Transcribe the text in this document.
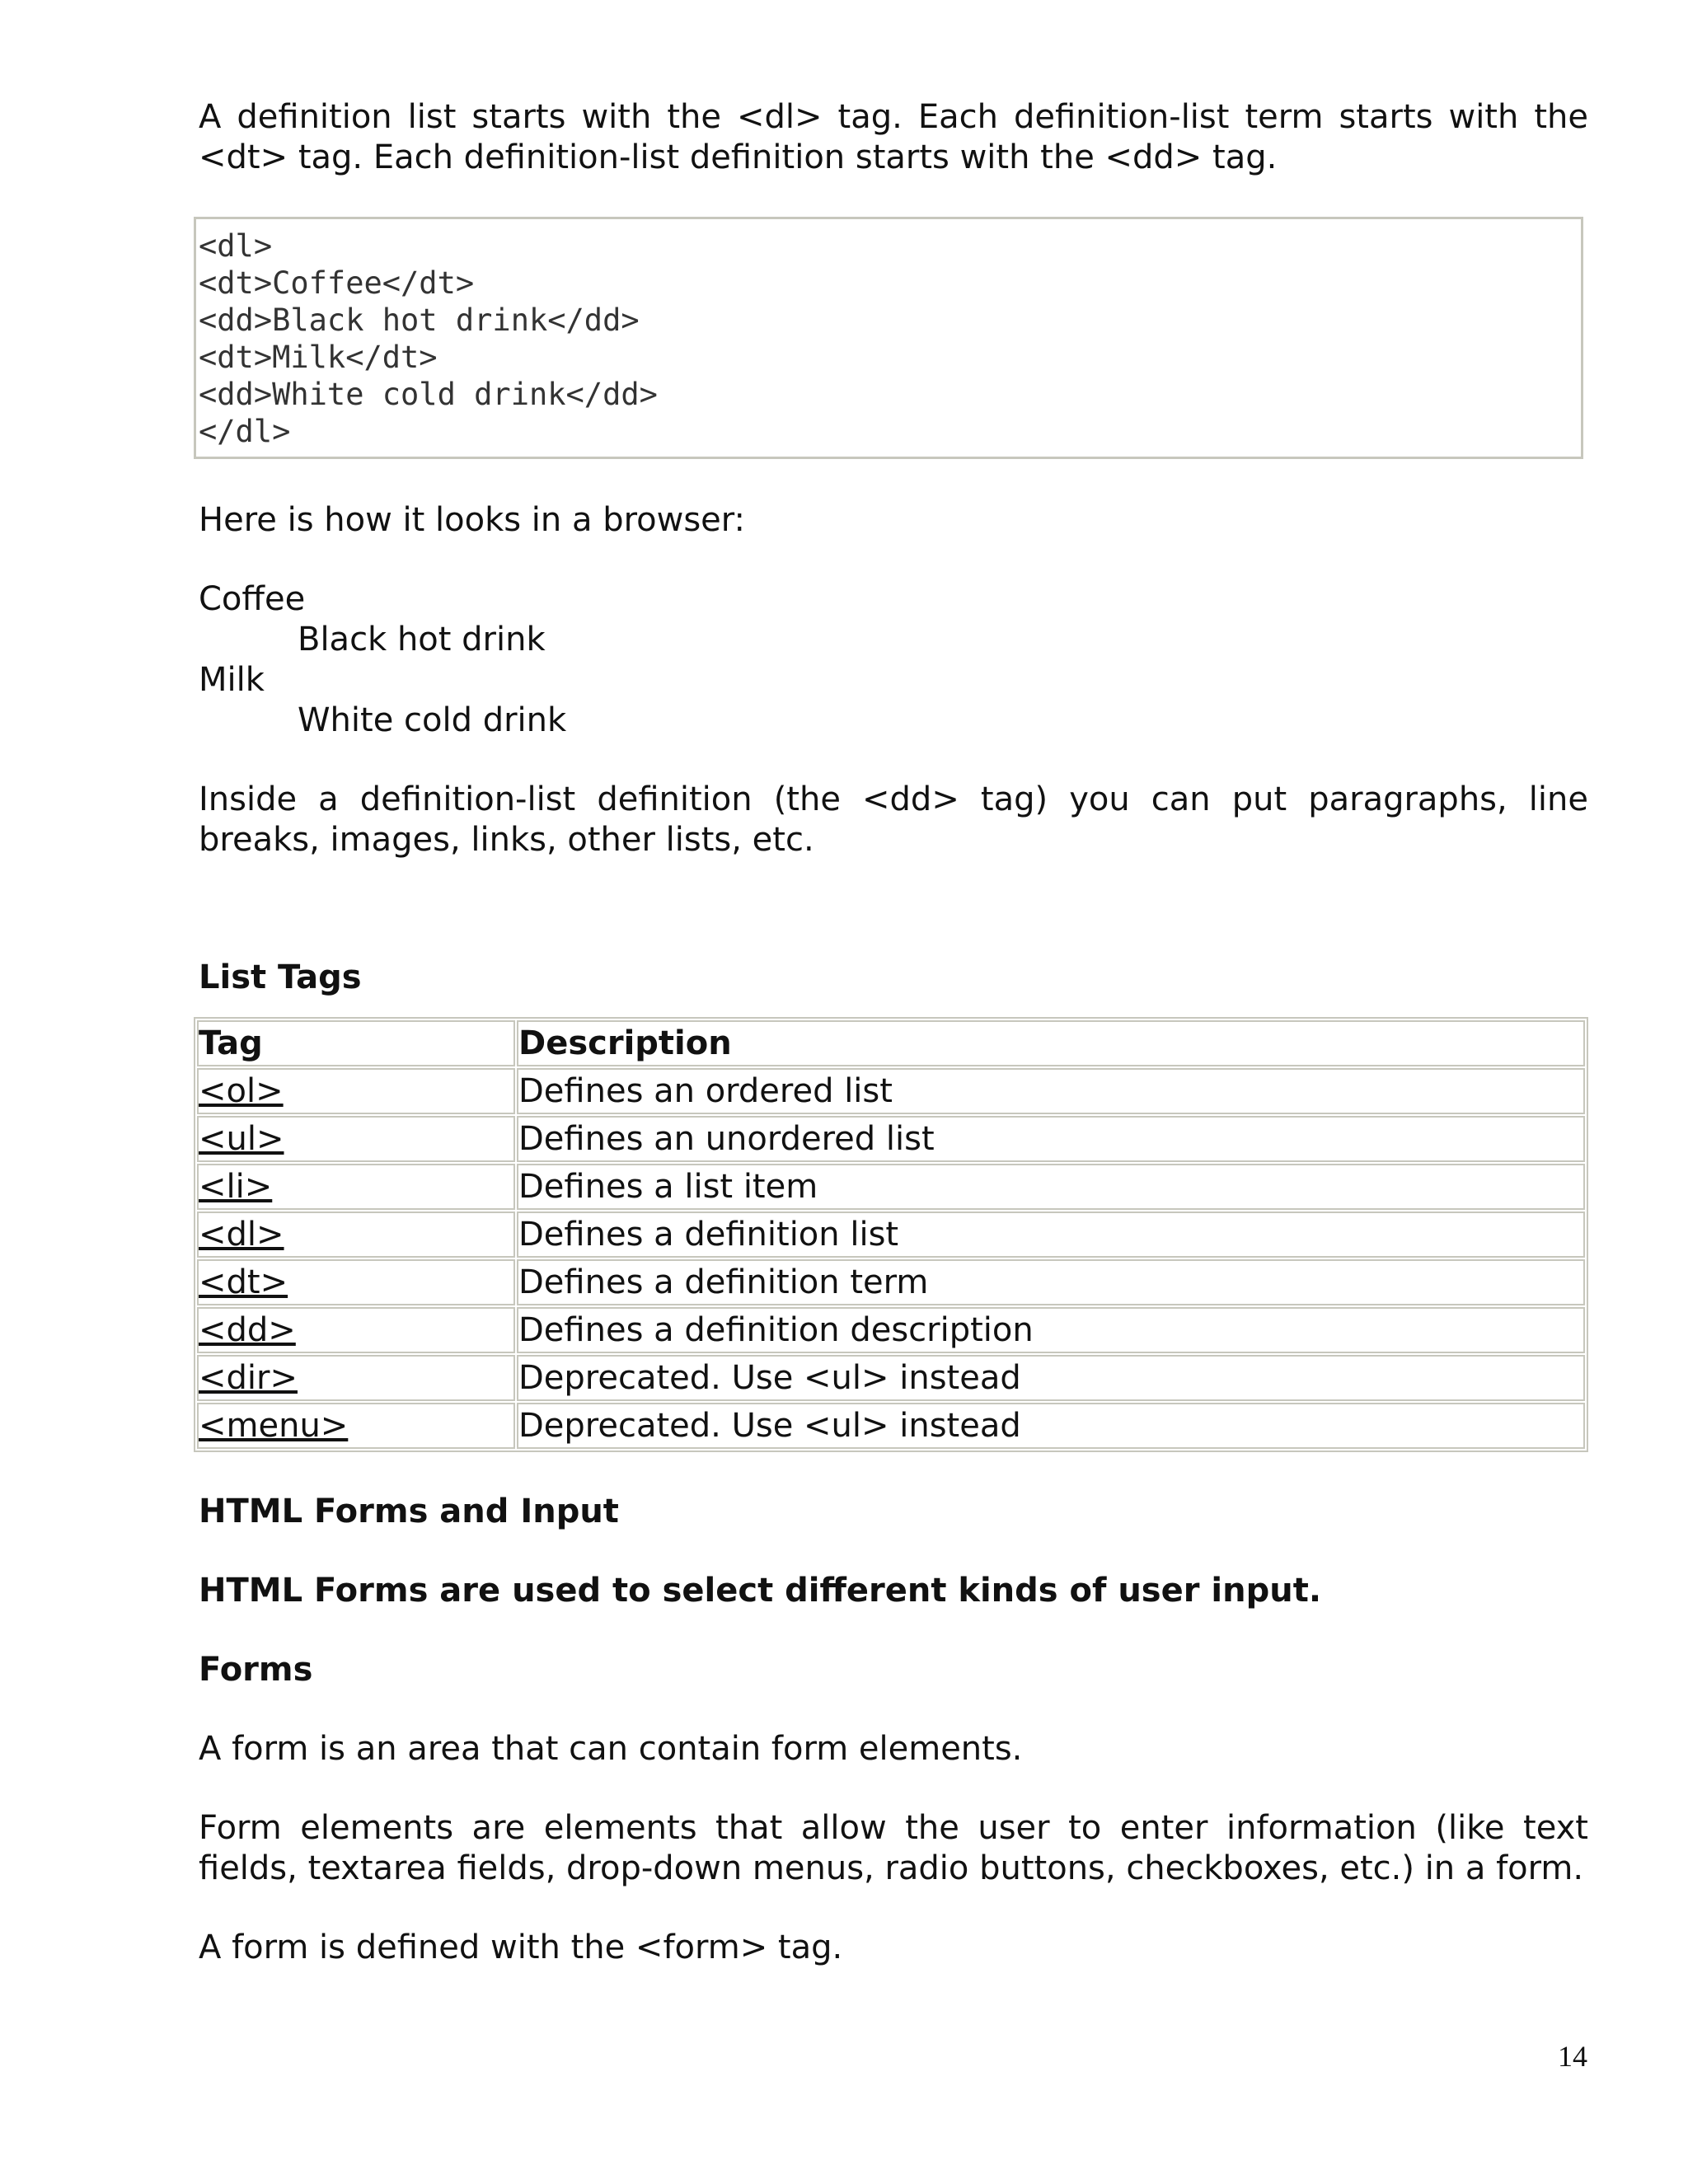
A definition list starts with the <dl> tag. Each definition-list term starts with the <dt> tag. Each definition-list definition starts with the <dd> tag.

<dl>
<dt>Coffee</dt>
<dd>Black hot drink</dd>
<dt>Milk</dt>
<dd>White cold drink</dd>
</dl>

Here is how it looks in a browser:

Coffee
Black hot drink
Milk
White cold drink

Inside a definition-list definition (the <dd> tag) you can put paragraphs, line breaks, images, links, other lists, etc.

List Tags

Tag	Description
<ol>	Defines an ordered list
<ul>	Defines an unordered list
<li>	Defines a list item
<dl>	Defines a definition list
<dt>	Defines a definition term
<dd>	Defines a definition description
<dir>	Deprecated. Use <ul> instead
<menu>	Deprecated. Use <ul> instead

HTML Forms and Input

HTML Forms are used to select different kinds of user input.

Forms

A form is an area that can contain form elements.

Form elements are elements that allow the user to enter information (like text fields, textarea fields, drop-down menus, radio buttons, checkboxes, etc.) in a form.

A form is defined with the <form> tag.

14
